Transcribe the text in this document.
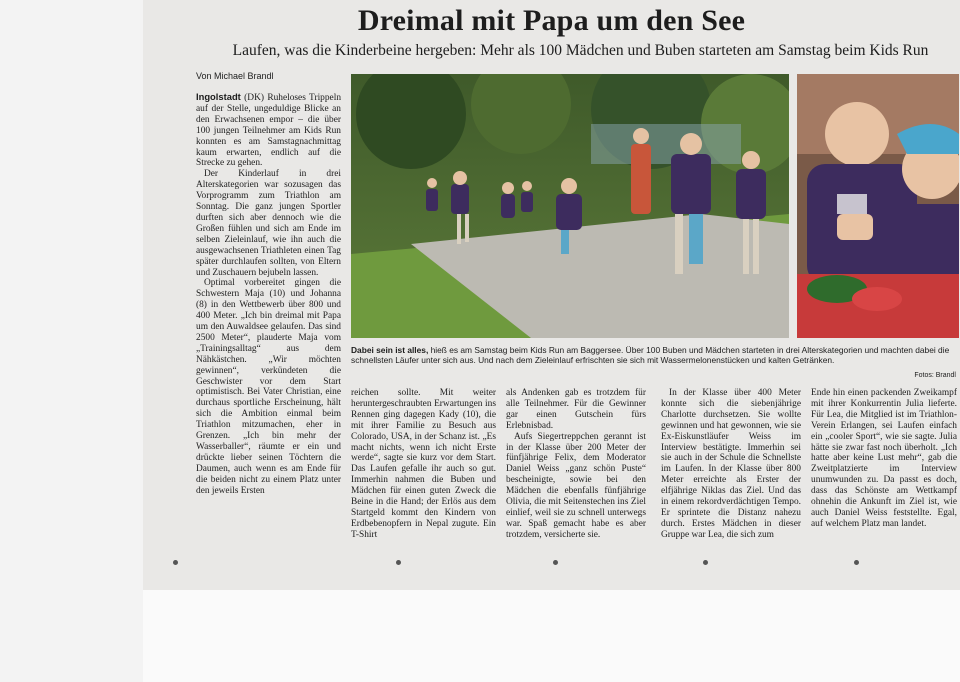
Dreimal mit Papa um den See
Laufen, was die Kinderbeine hergeben: Mehr als 100 Mädchen und Buben starteten am Samstag beim Kids Run
Von Michael Brandl

Ingolstadt (DK) Ruheloses Trippeln auf der Stelle, ungeduldige Blicke an den Erwachsenen empor – die über 100 jungen Teilnehmer am Kids Run konnten es am Samstagnachmittag kaum erwarten, endlich auf die Strecke zu gehen.

Der Kinderlauf in drei Alterskategorien war sozusagen das Vorprogramm zum Triathlon am Sonntag. Die ganz jungen Sportler durften sich aber dennoch wie die Großen fühlen und sich am Ende im selben Zieleinlauf, wie ihn auch die ausgewachsenen Triathleten einen Tag später durchlaufen sollten, von Eltern und Zuschauern bejubeln lassen.

Optimal vorbereitet gingen die Schwestern Maja (10) und Johanna (8) in den Wettbewerb über 800 und 400 Meter. „Ich bin dreimal mit Papa um den Auwaldsee gelaufen. Das sind 2500 Meter“, plauderte Maja vom „Trainingsalltag“ aus dem Nähkästchen. „Wir möchten gewinnen“, verkündeten die Geschwister vor dem Start optimistisch. Bei Vater Christian, eine durchaus sportliche Erscheinung, hält sich die Ambition einmal beim Triathlon mitzumachen, eher in Grenzen. „Ich bin mehr der Wasserballer“, räumte er ein und drückte lieber seinen Töchtern die Daumen, auch wenn es am Ende für die beiden nicht zu einem Platz unter den jeweils Ersten

Dabei sein ist alles, hieß es am Samstag beim Kids Run am Baggersee. Über 100 Buben und Mädchen starteten in drei Alterskategorien und machten dabei die schnellsten Läufer unter sich aus. Und nach dem Zieleinlauf erfrischten sie sich mit Wassermelonenstücken und kalten Getränken.
Fotos: Brandl

reichen sollte. Mit weiter heruntergeschraubten Erwartungen ins Rennen ging dagegen Kady (10), die mit ihrer Familie zu Besuch aus Colorado, USA, in der Schanz ist. „Es macht nichts, wenn ich nicht Erste werde“, sagte sie kurz vor dem Start. Das Laufen gefalle ihr auch so gut. Immerhin nahmen die Buben und Mädchen für einen guten Zweck die Beine in die Hand; der Erlös aus dem Startgeld kommt den Kindern von Erdbebenopfern in Nepal zugute. Ein T-Shirt

als Andenken gab es trotzdem für alle Teilnehmer. Für die Gewinner gar einen Gutschein fürs Erlebnisbad.

Aufs Siegertreppchen gerannt ist in der Klasse über 200 Meter der fünfjährige Felix, dem Moderator Daniel Weiss „ganz schön Puste“ bescheinigte, sowie bei den Mädchen die ebenfalls fünfjährige Olivia, die mit Seitenstechen ins Ziel einlief, weil sie zu schnell unterwegs war. Spaß gemacht habe es aber trotzdem, versicherte sie.

In der Klasse über 400 Meter konnte sich die siebenjährige Charlotte durchsetzen. Sie wollte gewinnen und hat gewonnen, wie sie Ex-Eiskunstläufer Weiss im Interview bestätigte. Immerhin sei sie auch in der Schule die Schnellste im Laufen. In der Klasse über 800 Meter erreichte als Erster der elfjährige Niklas das Ziel. Und das in einem rekordverdächtigen Tempo. Er sprintete die Distanz nahezu durch. Erstes Mädchen in dieser Gruppe war Lea, die sich zum

Ende hin einen packenden Zweikampf mit ihrer Konkurrentin Julia lieferte. Für Lea, die Mitglied ist im Triathlon-Verein Erlangen, sei Laufen einfach ein „cooler Sport“, wie sie sagte. Julia hätte sie zwar fast noch überholt. „Ich hatte aber keine Lust mehr“, gab die Zweitplatzierte im Interview unumwunden zu. Da passt es doch, dass das Schönste am Wettkampf ohnehin die Ankunft im Ziel ist, wie auch Daniel Weiss feststellte. Egal, auf welchem Platz man landet.
